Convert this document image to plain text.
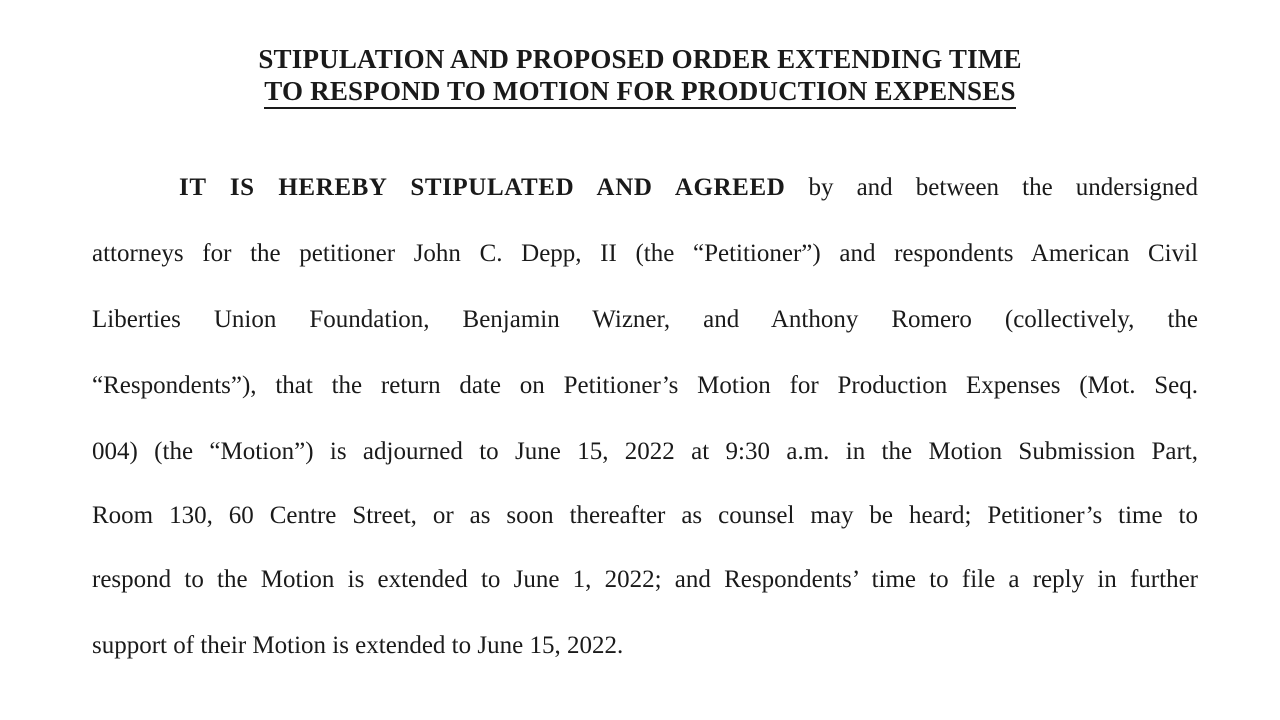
STIPULATION AND PROPOSED ORDER EXTENDING TIME
TO RESPOND TO MOTION FOR PRODUCTION EXPENSES
IT IS HEREBY STIPULATED AND AGREED by and between the undersigned
attorneys for the petitioner John C. Depp, II (the “Petitioner”) and respondents American Civil
Liberties Union Foundation, Benjamin Wizner, and Anthony Romero (collectively, the
“Respondents”), that the return date on Petitioner’s Motion for Production Expenses (Mot. Seq.
004) (the “Motion”) is adjourned to June 15, 2022 at 9:30 a.m. in the Motion Submission Part,
Room 130, 60 Centre Street, or as soon thereafter as counsel may be heard; Petitioner’s time to
respond to the Motion is extended to June 1, 2022; and Respondents’ time to file a reply in further
support of their Motion is extended to June 15, 2022.
